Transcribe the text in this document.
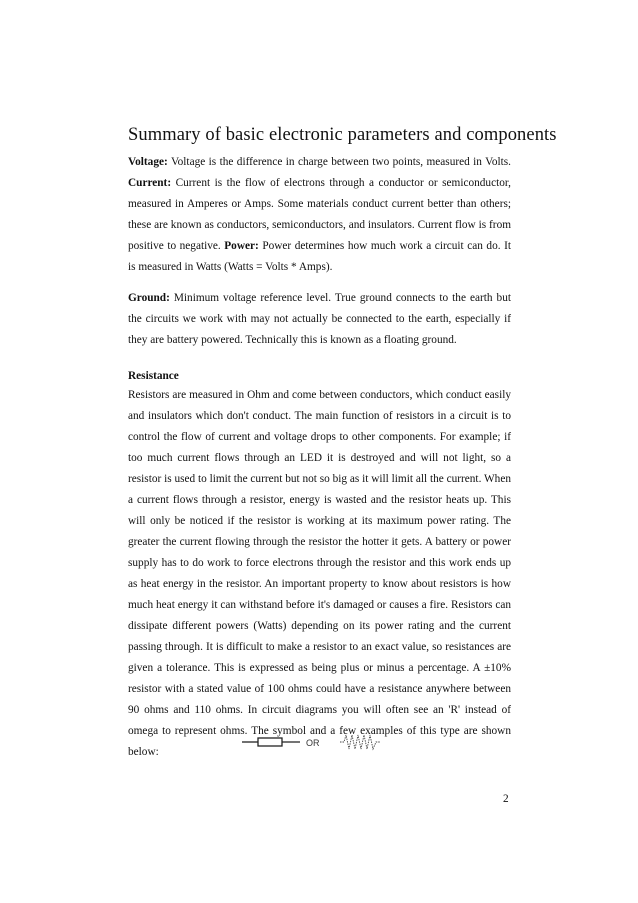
Summary of basic electronic parameters and components
Voltage: Voltage is the difference in charge between two points, measured in Volts. Current: Current is the flow of electrons through a conductor or semiconductor, measured in Amperes or Amps. Some materials conduct current better than others; these are known as conductors, semiconductors, and insulators. Current flow is from positive to negative. Power: Power determines how much work a circuit can do. It is measured in Watts (Watts = Volts * Amps).
Ground: Minimum voltage reference level. True ground connects to the earth but the circuits we work with may not actually be connected to the earth, especially if they are battery powered. Technically this is known as a floating ground.
Resistance
Resistors are measured in Ohm and come between conductors, which conduct easily and insulators which don't conduct. The main function of resistors in a circuit is to control the flow of current and voltage drops to other components. For example; if too much current flows through an LED it is destroyed and will not light, so a resistor is used to limit the current but not so big as it will limit all the current. When a current flows through a resistor, energy is wasted and the resistor heats up. This will only be noticed if the resistor is working at its maximum power rating. The greater the current flowing through the resistor the hotter it gets. A battery or power supply has to do work to force electrons through the resistor and this work ends up as heat energy in the resistor. An important property to know about resistors is how much heat energy it can withstand before it's damaged or causes a fire. Resistors can dissipate different powers (Watts) depending on its power rating and the current passing through. It is difficult to make a resistor to an exact value, so resistances are given a tolerance. This is expressed as being plus or minus a percentage. A ±10% resistor with a stated value of 100 ohms could have a resistance anywhere between 90 ohms and 110 ohms. In circuit diagrams you will often see an 'R' instead of omega to represent ohms. The symbol and a few examples of this type are shown below:
OR
2
